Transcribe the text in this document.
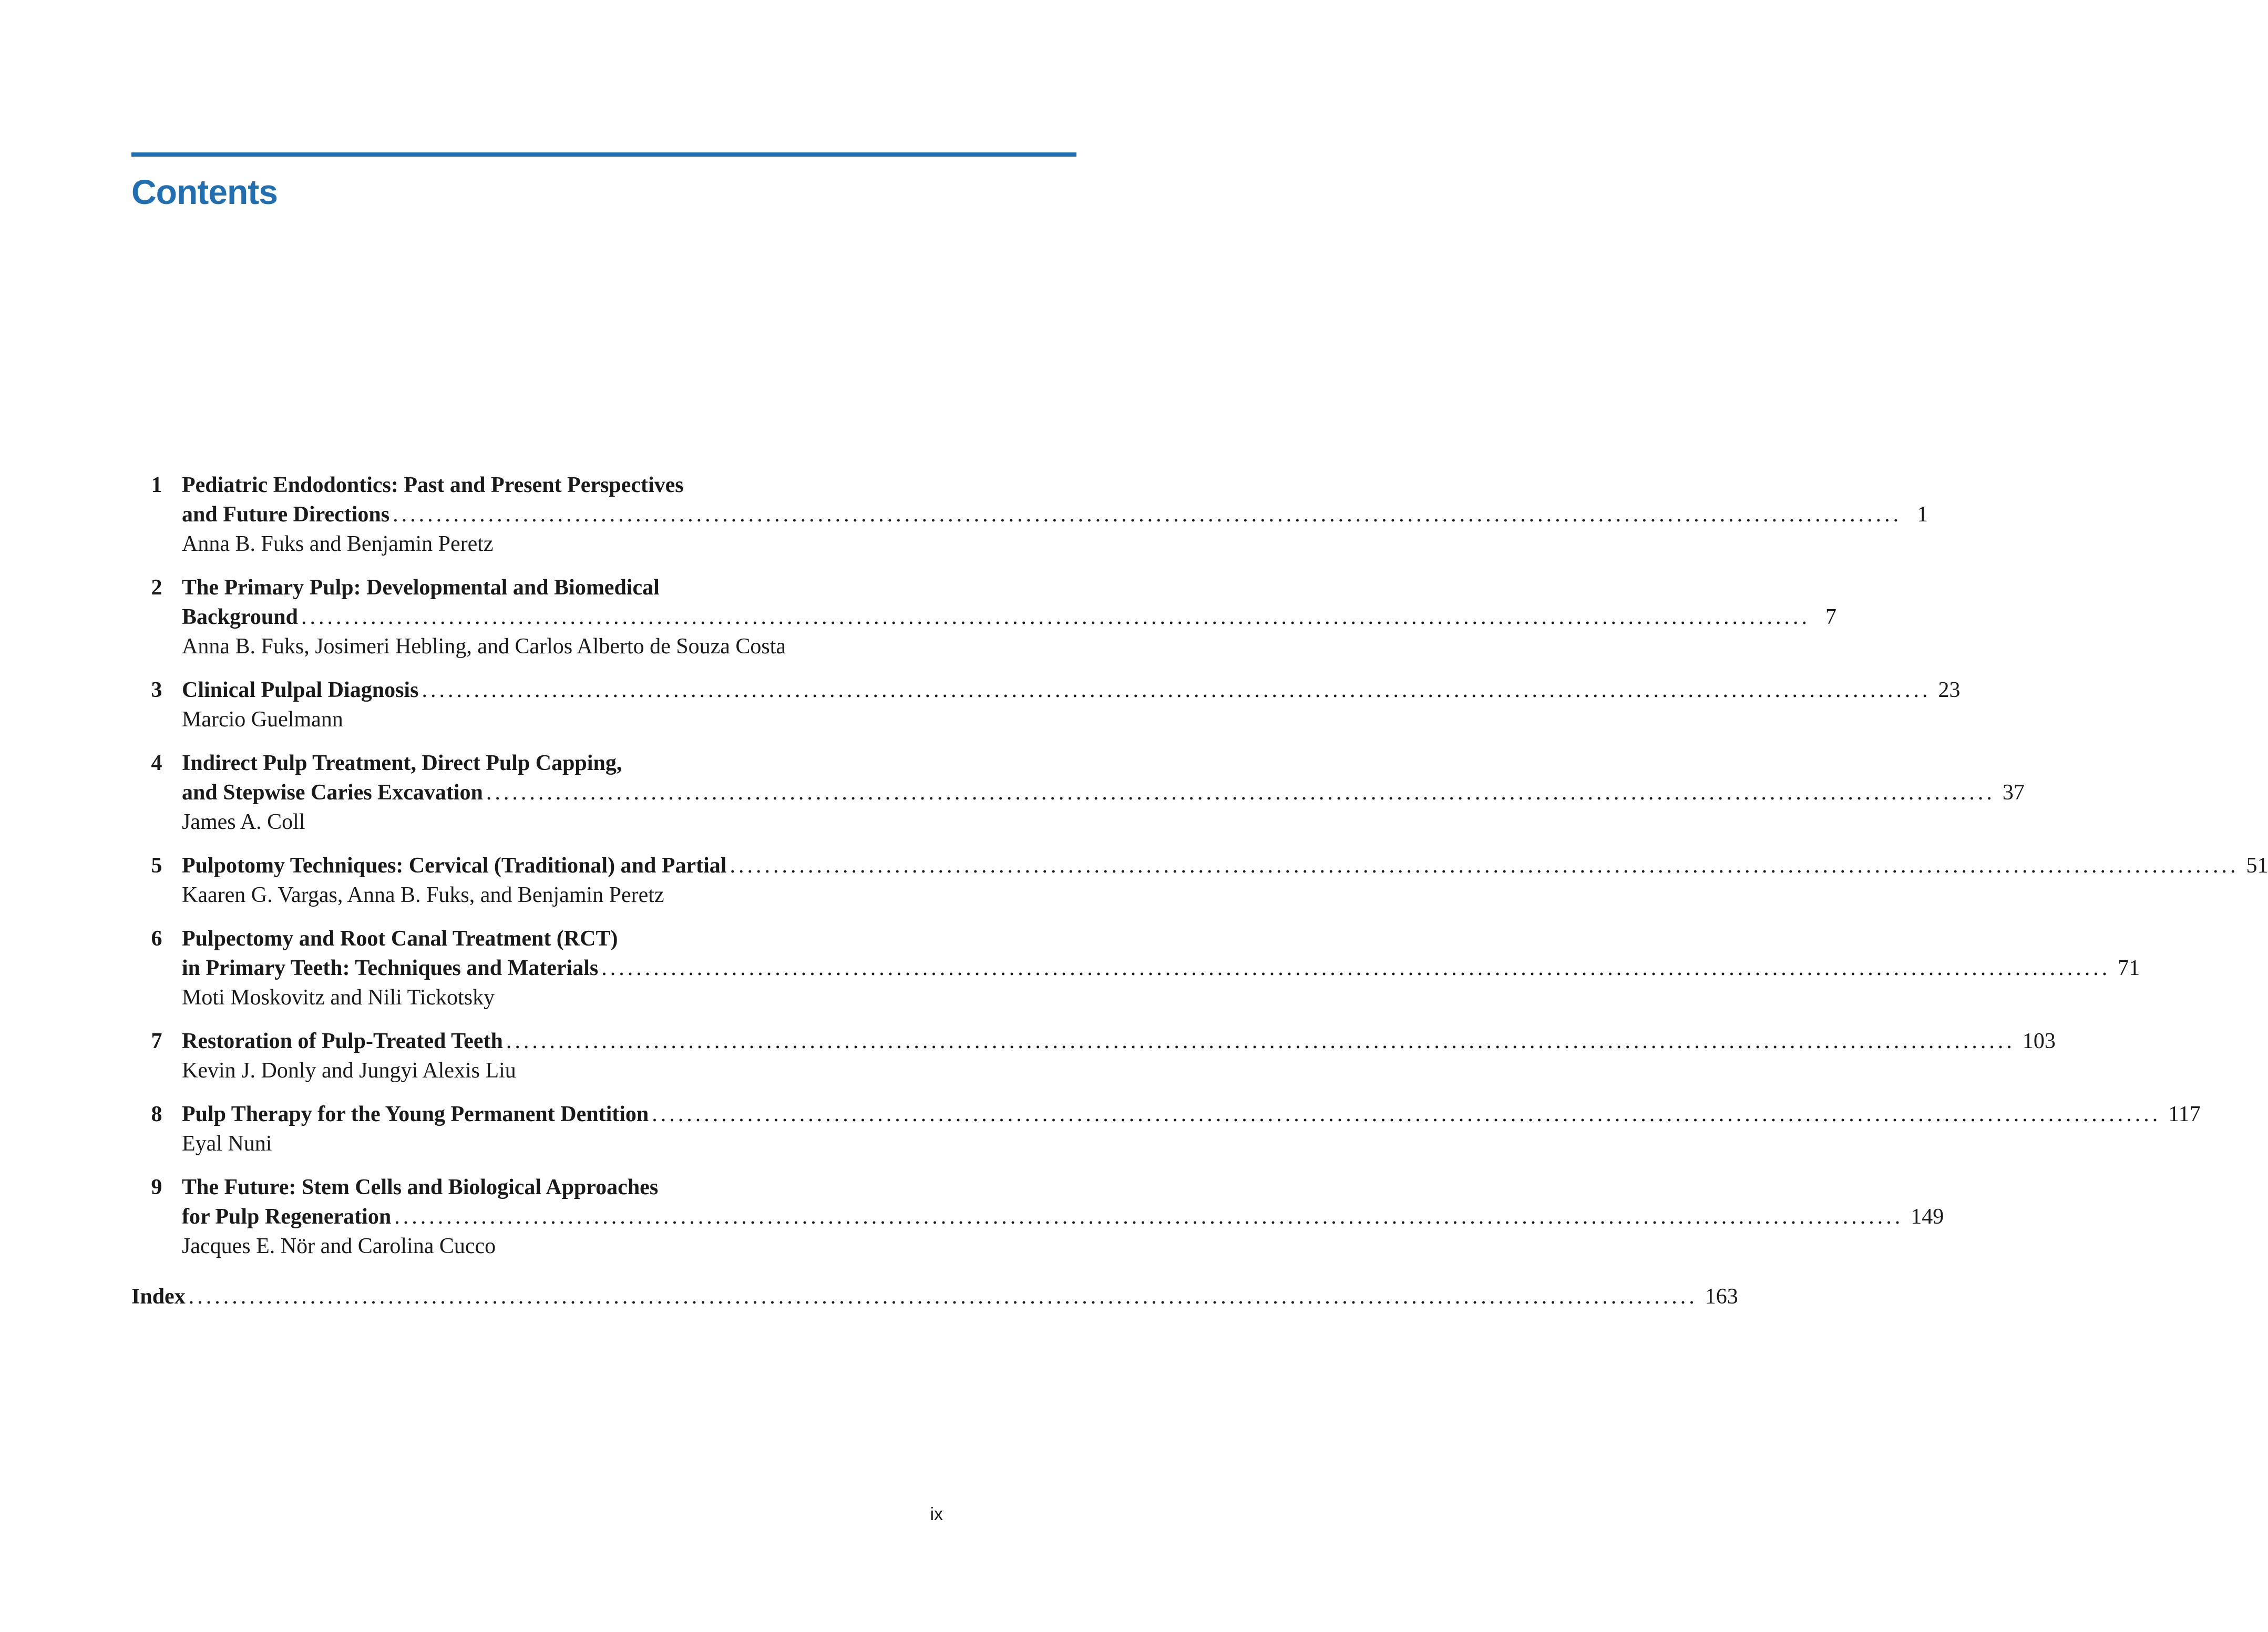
Contents
1 Pediatric Endodontics: Past and Present Perspectives
and Future Directions .............................................................................................................................................................................. 1
Anna B. Fuks and Benjamin Peretz
2 The Primary Pulp: Developmental and Biomedical
Background .............................................................................................................................................................................. 7
Anna B. Fuks, Josimeri Hebling, and Carlos Alberto de Souza Costa
3 Clinical Pulpal Diagnosis .............................................................................................................................................................................. 23
Marcio Guelmann
4 Indirect Pulp Treatment, Direct Pulp Capping,
and Stepwise Caries Excavation .............................................................................................................................................................................. 37
James A. Coll
5 Pulpotomy Techniques: Cervical (Traditional) and Partial .............................................................................................................................................................................. 51
Kaaren G. Vargas, Anna B. Fuks, and Benjamin Peretz
6 Pulpectomy and Root Canal Treatment (RCT)
in Primary Teeth: Techniques and Materials .............................................................................................................................................................................. 71
Moti Moskovitz and Nili Tickotsky
7 Restoration of Pulp-Treated Teeth .............................................................................................................................................................................. 103
Kevin J. Donly and Jungyi Alexis Liu
8 Pulp Therapy for the Young Permanent Dentition .............................................................................................................................................................................. 117
Eyal Nuni
9 The Future: Stem Cells and Biological Approaches
for Pulp Regeneration .............................................................................................................................................................................. 149
Jacques E. Nör and Carolina Cucco
Index .............................................................................................................................................................................. 163
ix
